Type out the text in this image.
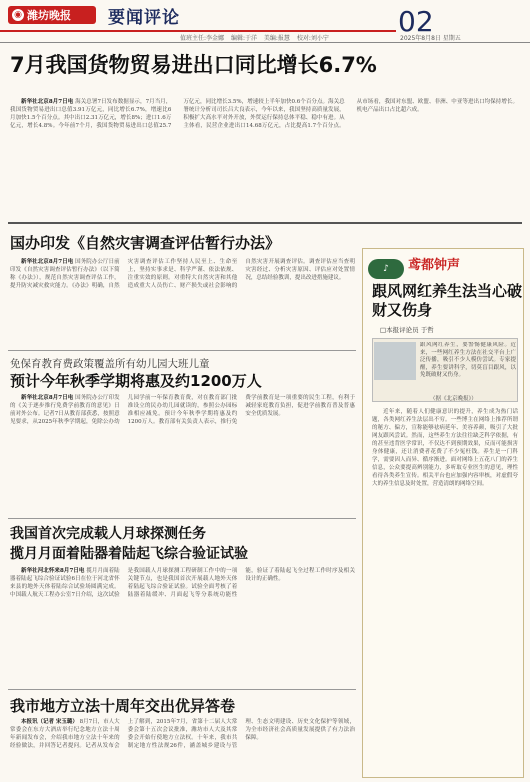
◉ 潍坊晚报 要闻评论	02
值班主任:李金娜 编辑:于洋 美编:报慧 校对:刘小宁	2025年8月8日 星期五
7月我国货物贸易进出口同比增长6.7%

新华社北京8月7日电 海关总署7日发布数据显示，7月当月，我国货物贸易进出口总值3.91万亿元，同比增长6.7%，增速比6月加快1.5个百分点。其中出口2.31万亿元，增长8%；进口1.6万亿元，增长4.8%。今年前7个月，我国货物贸易进出口总值25.7万亿元，同比增长3.5%，增速较上半年加快0.6个百分点。海关总署统计分析司司长吕大良表示，今年以来，我国坚持高质量发展，积极扩大高水平对外开放，外贸运行保持总体平稳、稳中有进。从主体看，民营企业进出口14.68万亿元，占比提高1.7个百分点。从市场看，我国对东盟、欧盟、非洲、中亚等进出口均保持增长。机电产品出口占比超六成。

国办印发《自然灾害调查评估暂行办法》

新华社北京8月7日电 国务院办公厅日前印发《自然灾害调查评估暂行办法》（以下简称《办法》），规范自然灾害调查评估工作，提升防灾减灾救灾能力。《办法》明确，自然灾害调查评估工作坚持人民至上、生命至上，坚持实事求是、科学严谨、依法依规、注重实效的原则。对重特大自然灾害和其他造成重大人员伤亡、财产损失或社会影响的自然灾害开展调查评估。调查评估应当查明灾害经过、分析灾害原因、评估应对处置情况，总结经验教训，提出改进措施建议。

免保育教育费政策覆盖所有幼儿园大班儿童
预计今年秋季学期将惠及约1200万人

新华社北京8月7日电 国务院办公厅印发的《关于逐步推行免费学前教育的意见》日前对外公布。记者7日从教育部获悉，按照意见要求，从2025年秋季学期起，免除公办幼儿园学前一年保育教育费，对在教育部门批准设立的民办幼儿园就读的，参照公办园标准相应减免。预计今年秋季学期将惠及约1200万人。教育部有关负责人表示，推行免费学前教育是一项重要的民生工程，有利于减轻家庭教育负担，促进学前教育普及普惠安全优质发展。

我国首次完成载人月球探测任务
揽月月面着陆器着陆起飞综合验证试验

新华社河北怀来8月7日电 揽月月面着陆器着陆起飞综合验证试验6日在位于河北省怀来县的地外天体着陆综合试验场圆满完成。中国载人航天工程办公室7日介绍，这次试验是我国载人月球探测工程研制工作中的一项关键节点，也是我国首次开展载人地外天体着陆起飞综合验证试验。试验全面考核了着陆器着陆缓冲、月面起飞等分系统功能性能，验证了着陆起飞全过程工作时序及相关设计的正确性。

我市地方立法十周年交出优异答卷

本报讯（记者 宋玉璐） 8月7日，市人大常委会在东方大酒店举行纪念地方立法十周年新闻发布会，介绍我市地方立法十年来的经验做法，并回答记者提问。记者从发布会上了解到，2015年7月，省第十二届人大常委会第十五次会议批准，潍坊市人大及其常委会开始行使地方立法权。十年来，我市共制定地方性法规26件，涵盖城乡建设与管理、生态文明建设、历史文化保护等领域，为全市经济社会高质量发展提供了有力法治保障。

♪ 鸢都钟声
跟风网红养生法当心破财又伤身
□本报评论员 于哲
跟风网红养生，要警惕健康风险。近来，一些网红养生方法在社交平台上广泛传播，吸引不少人模仿尝试。专家提醒，养生要讲科学，切莫盲目跟风，以免既破财又伤身。
（据《北京晚报》）

近年来，随着人们健康意识的提升，养生成为热门话题，各类网红养生法层出不穷。一些博主在网络上推荐所谓的秘方、偏方，宣称能够祛病延年、美容养颜，吸引了大批网友跟风尝试。然而，这些养生方法往往缺乏科学依据，有的甚至违背医学常识，不仅达不到预期效果，反而可能损害身体健康，还让消费者花费了不少冤枉钱。养生是一门科学，需要因人而异、循序渐进。面对网络上五花八门的养生信息，公众要提高辨别能力，多听取专业医生的意见，理性看待各类养生宣传。相关平台也应加强内容审核，对虚假夸大的养生信息及时处置，营造清朗的网络空间。
